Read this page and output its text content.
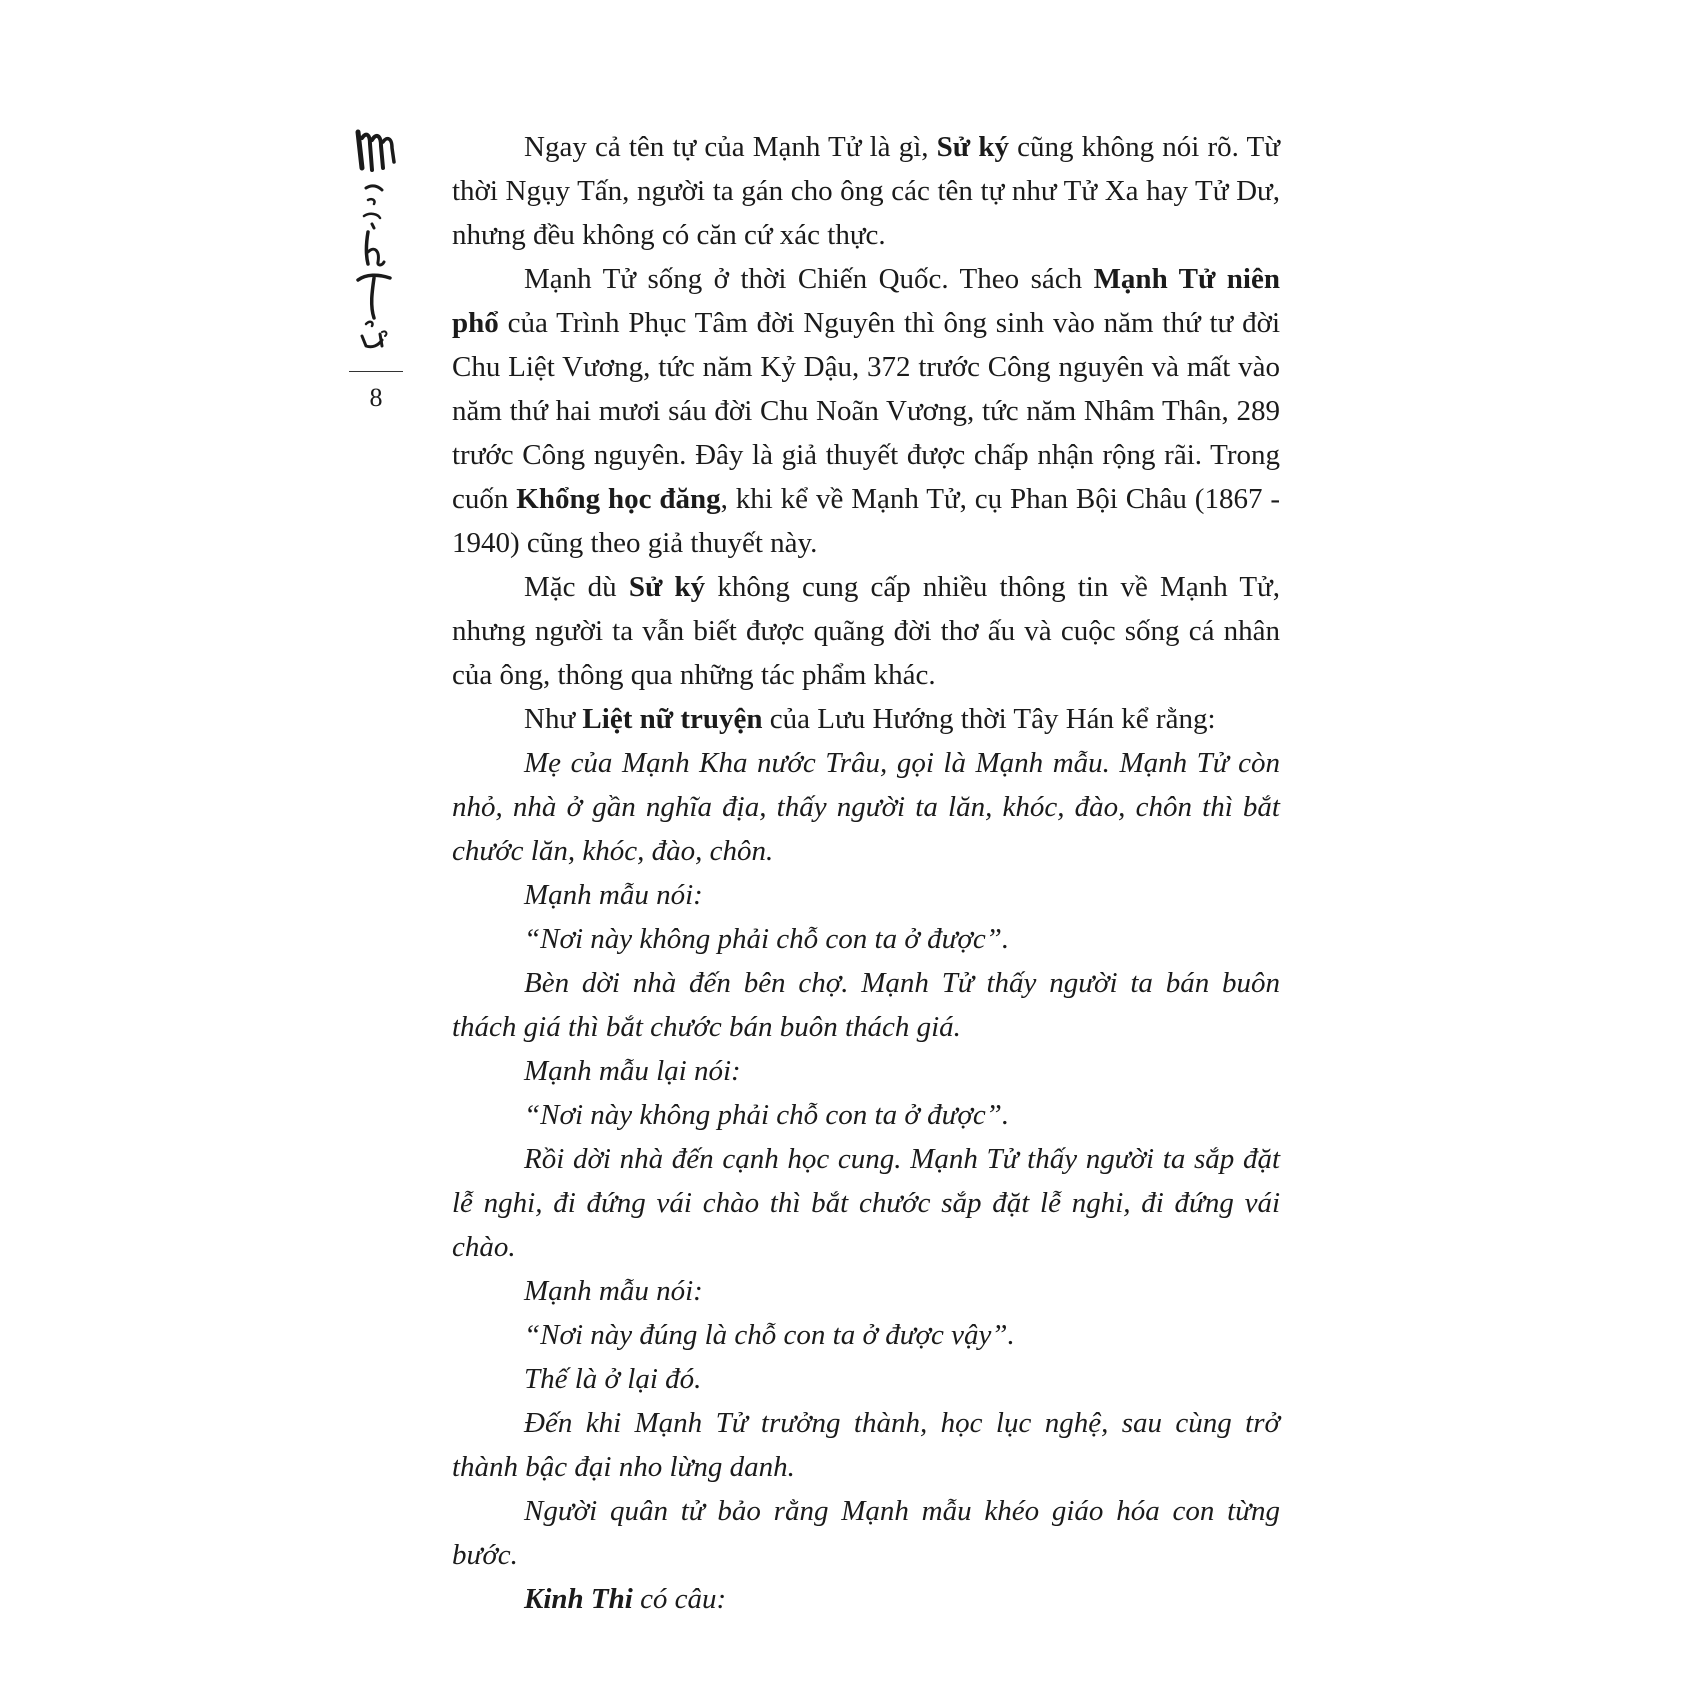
8

Ngay cả tên tự của Mạnh Tử là gì, Sử ký cũng không nói rõ. Từ thời Ngụy Tấn, người ta gán cho ông các tên tự như Tử Xa hay Tử Dư, nhưng đều không có căn cứ xác thực.

Mạnh Tử sống ở thời Chiến Quốc. Theo sách Mạnh Tử niên phổ của Trình Phục Tâm đời Nguyên thì ông sinh vào năm thứ tư đời Chu Liệt Vương, tức năm Kỷ Dậu, 372 trước Công nguyên và mất vào năm thứ hai mươi sáu đời Chu Noãn Vương, tức năm Nhâm Thân, 289 trước Công nguyên. Đây là giả thuyết được chấp nhận rộng rãi. Trong cuốn Khổng học đăng, khi kể về Mạnh Tử, cụ Phan Bội Châu (1867 - 1940) cũng theo giả thuyết này.

Mặc dù Sử ký không cung cấp nhiều thông tin về Mạnh Tử, nhưng người ta vẫn biết được quãng đời thơ ấu và cuộc sống cá nhân của ông, thông qua những tác phẩm khác.

Như Liệt nữ truyện của Lưu Hướng thời Tây Hán kể rằng:

Mẹ của Mạnh Kha nước Trâu, gọi là Mạnh mẫu. Mạnh Tử còn nhỏ, nhà ở gần nghĩa địa, thấy người ta lăn, khóc, đào, chôn thì bắt chước lăn, khóc, đào, chôn.

Mạnh mẫu nói:

“Nơi này không phải chỗ con ta ở được”.

Bèn dời nhà đến bên chợ. Mạnh Tử thấy người ta bán buôn thách giá thì bắt chước bán buôn thách giá.

Mạnh mẫu lại nói:

“Nơi này không phải chỗ con ta ở được”.

Rồi dời nhà đến cạnh học cung. Mạnh Tử thấy người ta sắp đặt lễ nghi, đi đứng vái chào thì bắt chước sắp đặt lễ nghi, đi đứng vái chào.

Mạnh mẫu nói:

“Nơi này đúng là chỗ con ta ở được vậy”.

Thế là ở lại đó.

Đến khi Mạnh Tử trưởng thành, học lục nghệ, sau cùng trở thành bậc đại nho lừng danh.

Người quân tử bảo rằng Mạnh mẫu khéo giáo hóa con từng bước.

Kinh Thi có câu:
